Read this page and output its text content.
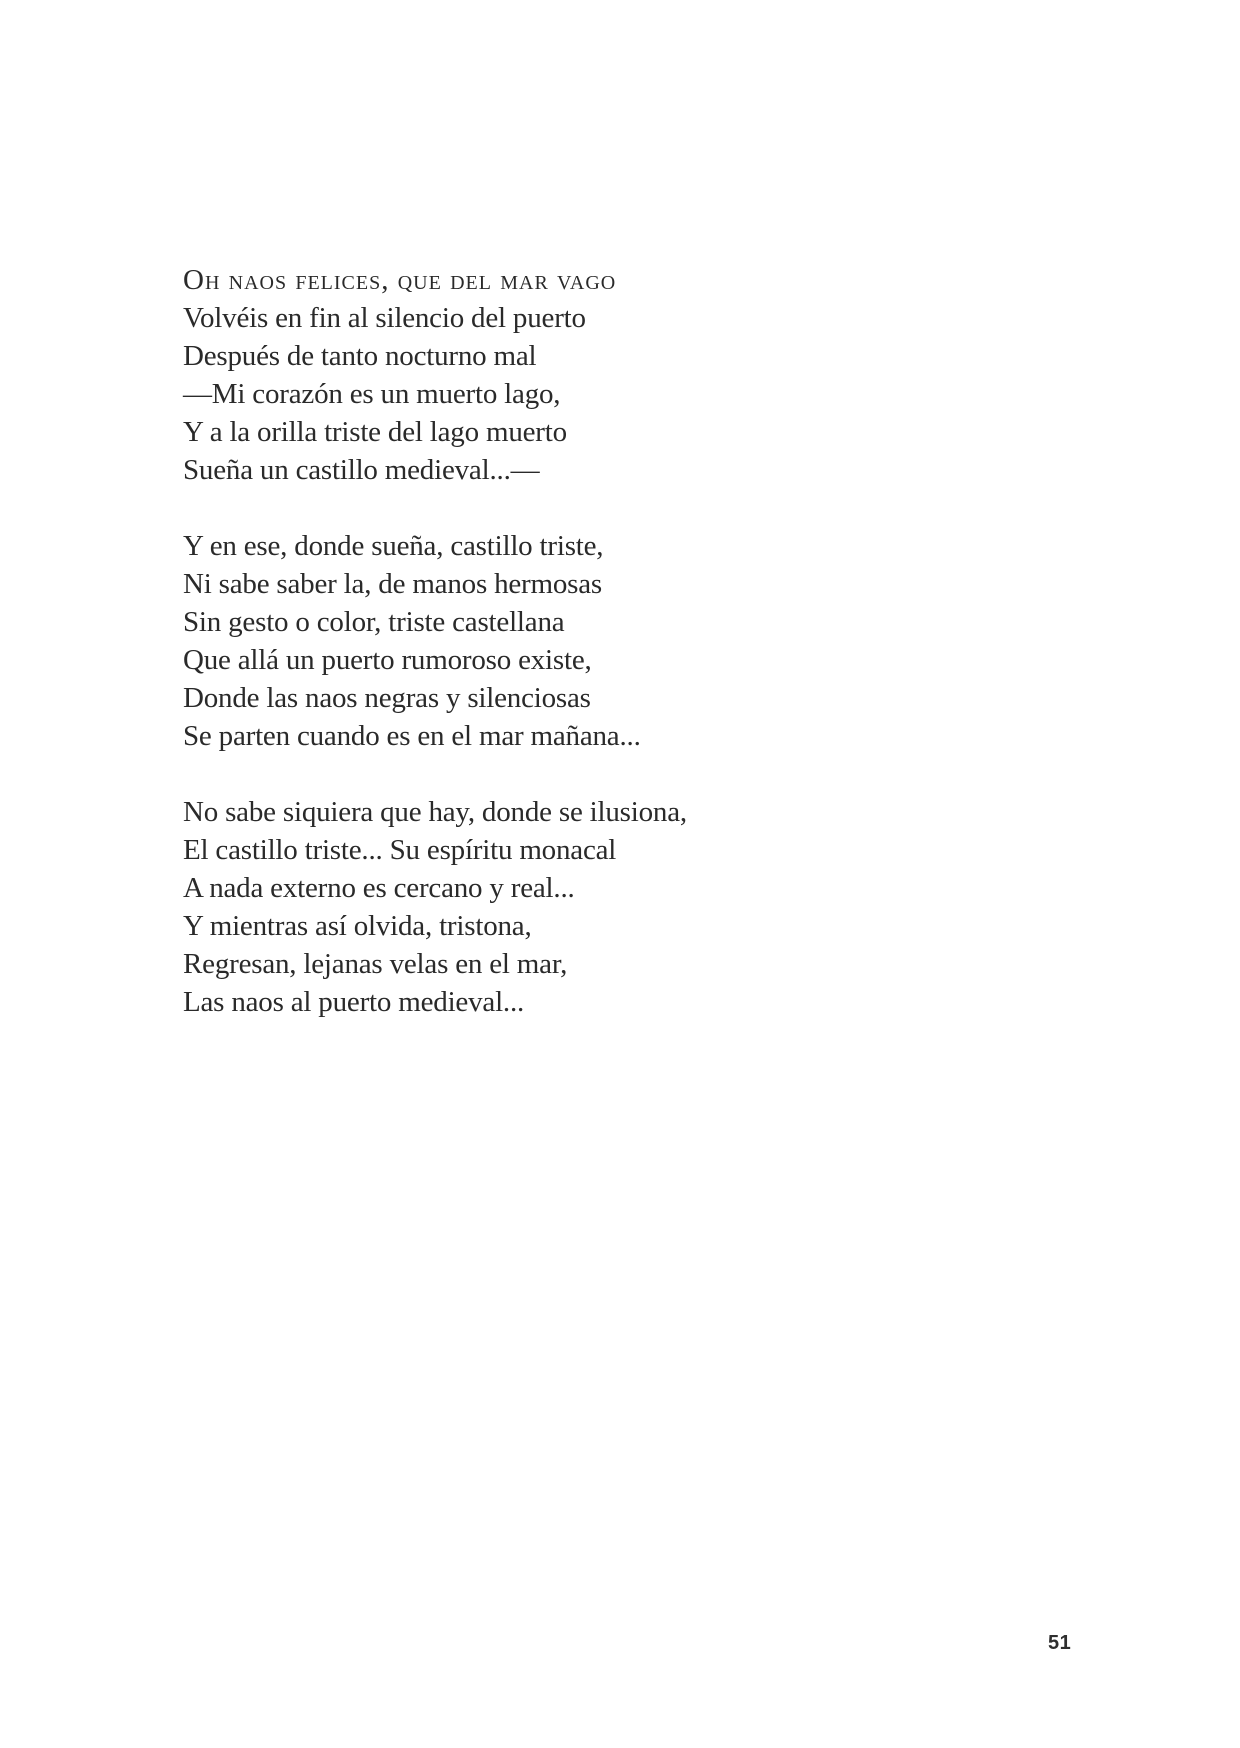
Oh naos felices, que del mar vago
Volvéis en fin al silencio del puerto
Después de tanto nocturno mal
—Mi corazón es un muerto lago,
Y a la orilla triste del lago muerto
Sueña un castillo medieval...—
Y en ese, donde sueña, castillo triste,
Ni sabe saber la, de manos hermosas
Sin gesto o color, triste castellana
Que allá un puerto rumoroso existe,
Donde las naos negras y silenciosas
Se parten cuando es en el mar mañana...
No sabe siquiera que hay, donde se ilusiona,
El castillo triste... Su espíritu monacal
A nada externo es cercano y real...
Y mientras así olvida, tristona,
Regresan, lejanas velas en el mar,
Las naos al puerto medieval...
51
